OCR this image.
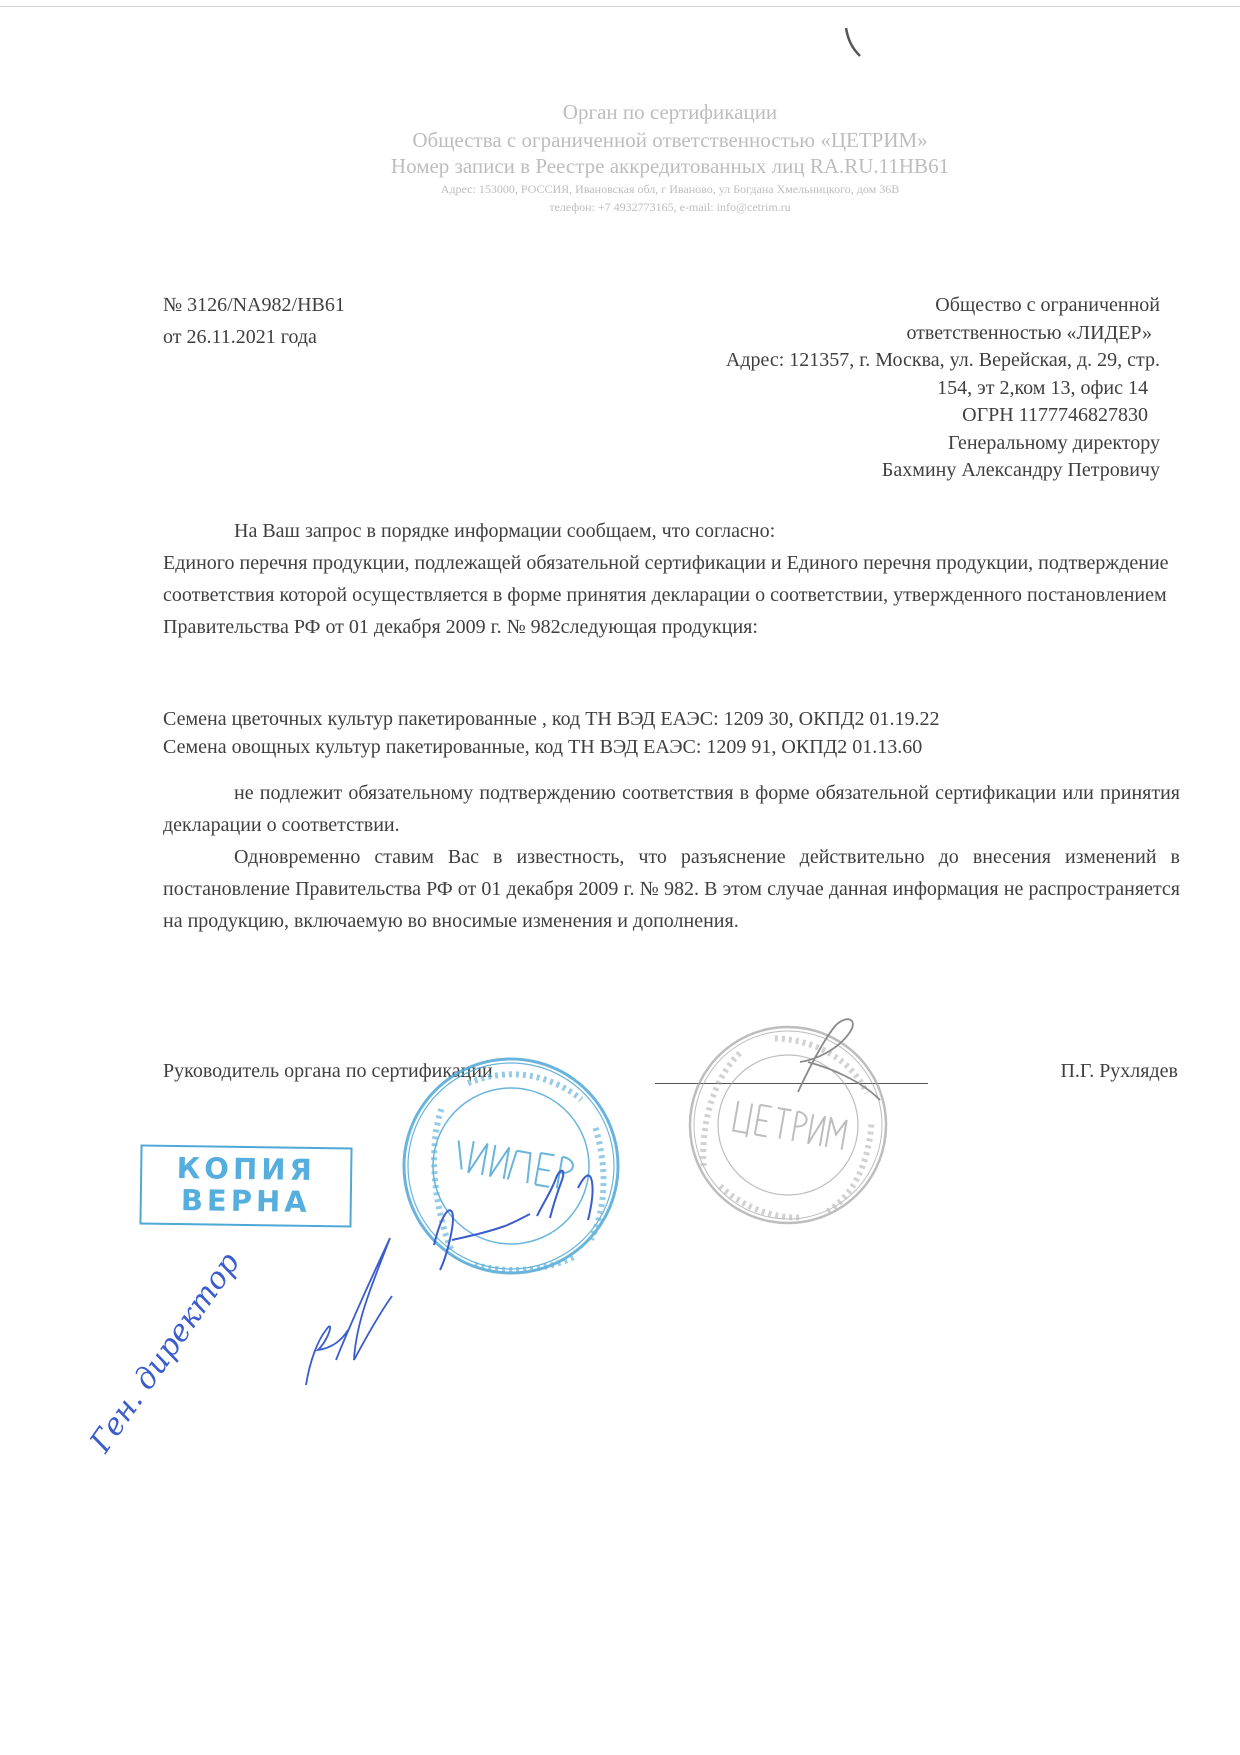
Орган по сертификации
Общества с ограниченной ответственностью «ЦЕТРИМ»
Номер записи в Реестре аккредитованных лиц RA.RU.11HB61
Адрес: 153000, РОССИЯ, Ивановская обл, г Иваново, ул Богдана Хмельницкого, дом 36В
телефон: +7 4932773165, e-mail: info@cetrim.ru
№ 3126/NA982/HB61
от 26.11.2021 года
Общество с ограниченной
ответственностью «ЛИДЕР»
Адрес: 121357, г. Москва, ул. Верейская, д. 29, стр.
154, эт 2,ком 13, офис 14
ОГРН 1177746827830
Генеральному директору
Бахмину Александру Петровичу
На Ваш запрос в порядке информации сообщаем, что согласно:
Единого перечня продукции, подлежащей обязательной сертификации и Единого перечня продукции, подтверждение соответствия которой осуществляется в форме принятия декларации о соответствии, утвержденного постановлением Правительства РФ от 01 декабря 2009 г. № 982следующая продукция:
Семена цветочных культур пакетированные , код ТН ВЭД ЕАЭС: 1209 30, ОКПД2 01.19.22
Семена овощных культур пакетированные, код ТН ВЭД ЕАЭС: 1209 91, ОКПД2 01.13.60

не подлежит обязательному подтверждению соответствия в форме обязательной сертификации или принятия декларации о соответствии.

Одновременно ставим Вас в известность, что разъяснение действительно до внесения изменений в постановление Правительства РФ от 01 декабря 2009 г. № 982. В этом случае данная информация не распространяется на продукцию, включаемую во вносимые изменения и дополнения.

Руководитель органа по сертификации	П.Г. Рухлядев
КОПИЯ
ВЕРНА
Ген. директор
